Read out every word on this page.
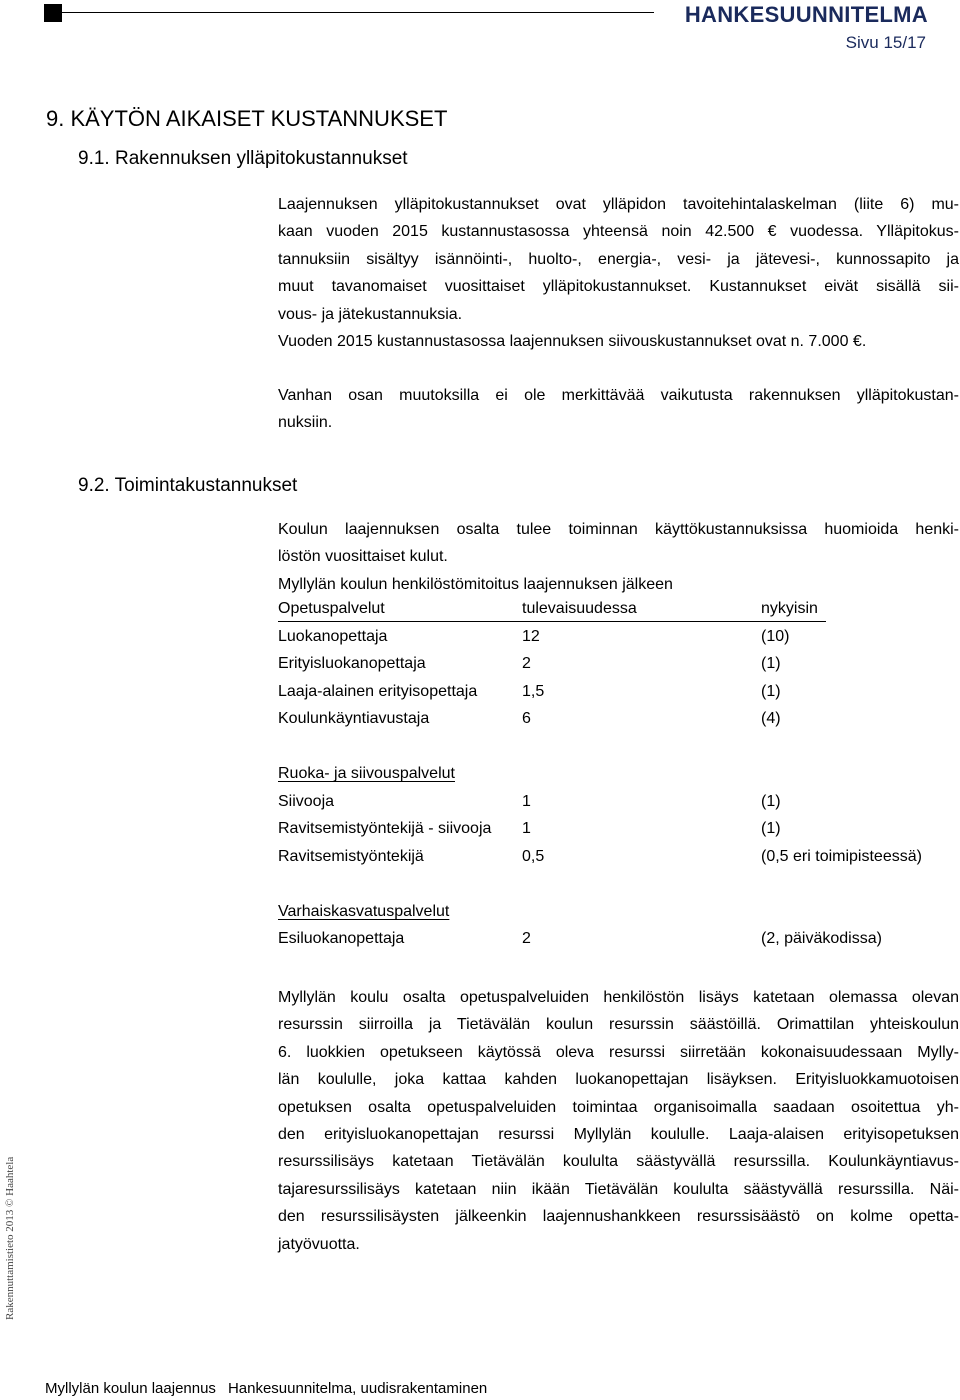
HANKESUUNNITELMA
Sivu 15/17
9. KÄYTÖN AIKAISET KUSTANNUKSET
9.1. Rakennuksen ylläpitokustannukset
Laajennuksen ylläpitokustannukset ovat ylläpidon tavoitehintalaskelman (liite 6) mu-
kaan vuoden 2015 kustannustasossa yhteensä noin 42.500 € vuodessa. Ylläpitokus-
tannuksiin sisältyy isännöinti-, huolto-, energia-, vesi- ja jätevesi-, kunnossapito ja
muut tavanomaiset vuosittaiset ylläpitokustannukset. Kustannukset eivät sisällä sii-
vous- ja jätekustannuksia.
Vuoden 2015 kustannustasossa laajennuksen siivouskustannukset ovat n. 7.000 €.
Vanhan osan muutoksilla ei ole merkittävää vaikutusta rakennuksen ylläpitokustan-
nuksiin.
9.2. Toimintakustannukset
Koulun laajennuksen osalta tulee toiminnan käyttökustannuksissa huomioida henki-
löstön vuosittaiset kulut.
Myllylän koulun henkilöstömitoitus laajennuksen jälkeen
Opetuspalvelut	tulevaisuudessa	nykyisin
Luokanopettaja	12	(10)
Erityisluokanopettaja	2	(1)
Laaja-alainen erityisopettaja	1,5	(1)
Koulunkäyntiavustaja	6	(4)
Ruoka- ja siivouspalvelut
Siivooja	1	(1)
Ravitsemistyöntekijä - siivooja 1	(1)
Ravitsemistyöntekijä	0,5	(0,5 eri toimipisteessä)
Varhaiskasvatuspalvelut
Esiluokanopettaja	2	(2, päiväkodissa)
Myllylän koulu osalta opetuspalveluiden henkilöstön lisäys katetaan olemassa olevan
resurssin siirroilla ja Tietävälän koulun resurssin säästöillä. Orimattilan yhteiskoulun
6. luokkien opetukseen käytössä oleva resurssi siirretään kokonaisuudessaan Mylly-
län koululle, joka kattaa kahden luokanopettajan lisäyksen. Erityisluokkamuotoisen
opetuksen osalta opetuspalveluiden toimintaa organisoimalla saadaan osoitettua yh-
den erityisluokanopettajan resurssi Myllylän koululle. Laaja-alaisen erityisopetuksen
resurssilisäys katetaan Tietävälän koululta säästyvällä resurssilla. Koulunkäyntiavus-
tajaresurssilisäys katetaan niin ikään Tietävälän koululta säästyvällä resurssilla. Näi-
den resurssilisäysten jälkeenkin laajennushankkeen resurssisäästö on kolme opetta-
jatyövuotta.
Rakennuttamistieto 2013 © Haahtela
Myllylän koulun laajennus Hankesuunnitelma, uudisrakentaminen
